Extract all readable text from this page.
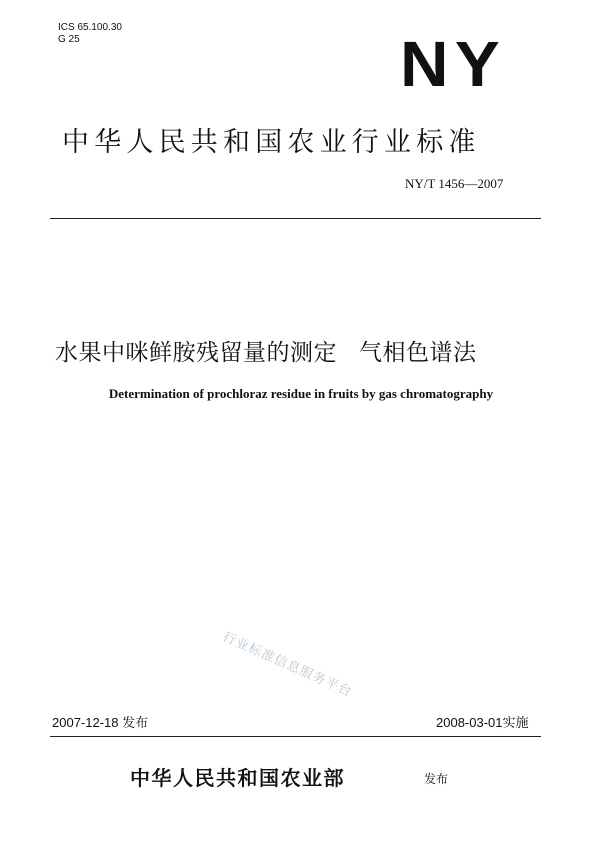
ICS 65.100.30
G 25	NY
中华人民共和国农业行业标准
NY/T 1456—2007
水果中咪鲜胺残留量的测定 气相色谱法
Determination of prochloraz residue in fruits by gas chromatography
行业标准信息服务平台
2007-12-18 发布	2008-03-01实施
中华人民共和国农业部	发布
